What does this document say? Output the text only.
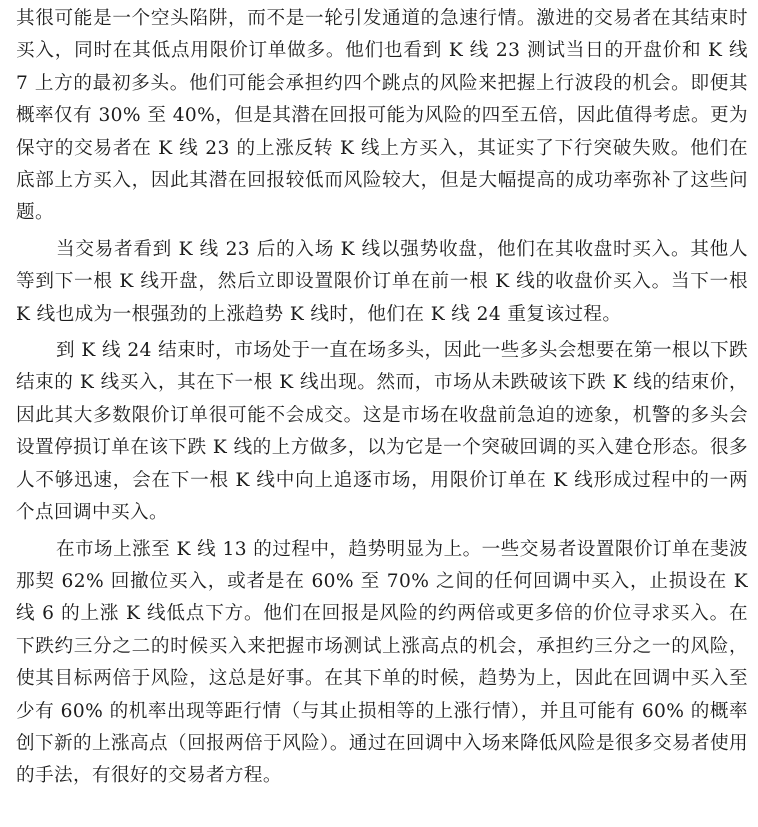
其很可能是一个空头陷阱，而不是一轮引发通道的急速行情。激进的交易者在其结束时买入，同时在其低点用限价订单做多。他们也看到 K 线 23 测试当日的开盘价和 K 线 7 上方的最初多头。他们可能会承担约四个跳点的风险来把握上行波段的机会。即便其概率仅有 30% 至 40%，但是其潜在回报可能为风险的四至五倍，因此值得考虑。更为保守的交易者在 K 线 23 的上涨反转 K 线上方买入，其证实了下行突破失败。他们在底部上方买入，因此其潜在回报较低而风险较大，但是大幅提高的成功率弥补了这些问题。

当交易者看到 K 线 23 后的入场 K 线以强势收盘，他们在其收盘时买入。其他人等到下一根 K 线开盘，然后立即设置限价订单在前一根 K 线的收盘价买入。当下一根 K 线也成为一根强劲的上涨趋势 K 线时，他们在 K 线 24 重复该过程。

到 K 线 24 结束时，市场处于一直在场多头，因此一些多头会想要在第一根以下跌结束的 K 线买入，其在下一根 K 线出现。然而，市场从未跌破该下跌 K 线的结束价，因此其大多数限价订单很可能不会成交。这是市场在收盘前急迫的迹象，机警的多头会设置停损订单在该下跌 K 线的上方做多，以为它是一个突破回调的买入建仓形态。很多人不够迅速，会在下一根 K 线中向上追逐市场，用限价订单在 K 线形成过程中的一两个点回调中买入。

在市场上涨至 K 线 13 的过程中，趋势明显为上。一些交易者设置限价订单在斐波那契 62% 回撤位买入，或者是在 60% 至 70% 之间的任何回调中买入，止损设在 K 线 6 的上涨 K 线低点下方。他们在回报是风险的约两倍或更多倍的价位寻求买入。在下跌约三分之二的时候买入来把握市场测试上涨高点的机会，承担约三分之一的风险，使其目标两倍于风险，这总是好事。在其下单的时候，趋势为上，因此在回调中买入至少有 60% 的机率出现等距行情（与其止损相等的上涨行情），并且可能有 60% 的概率创下新的上涨高点（回报两倍于风险）。通过在回调中入场来降低风险是很多交易者使用的手法，有很好的交易者方程。
